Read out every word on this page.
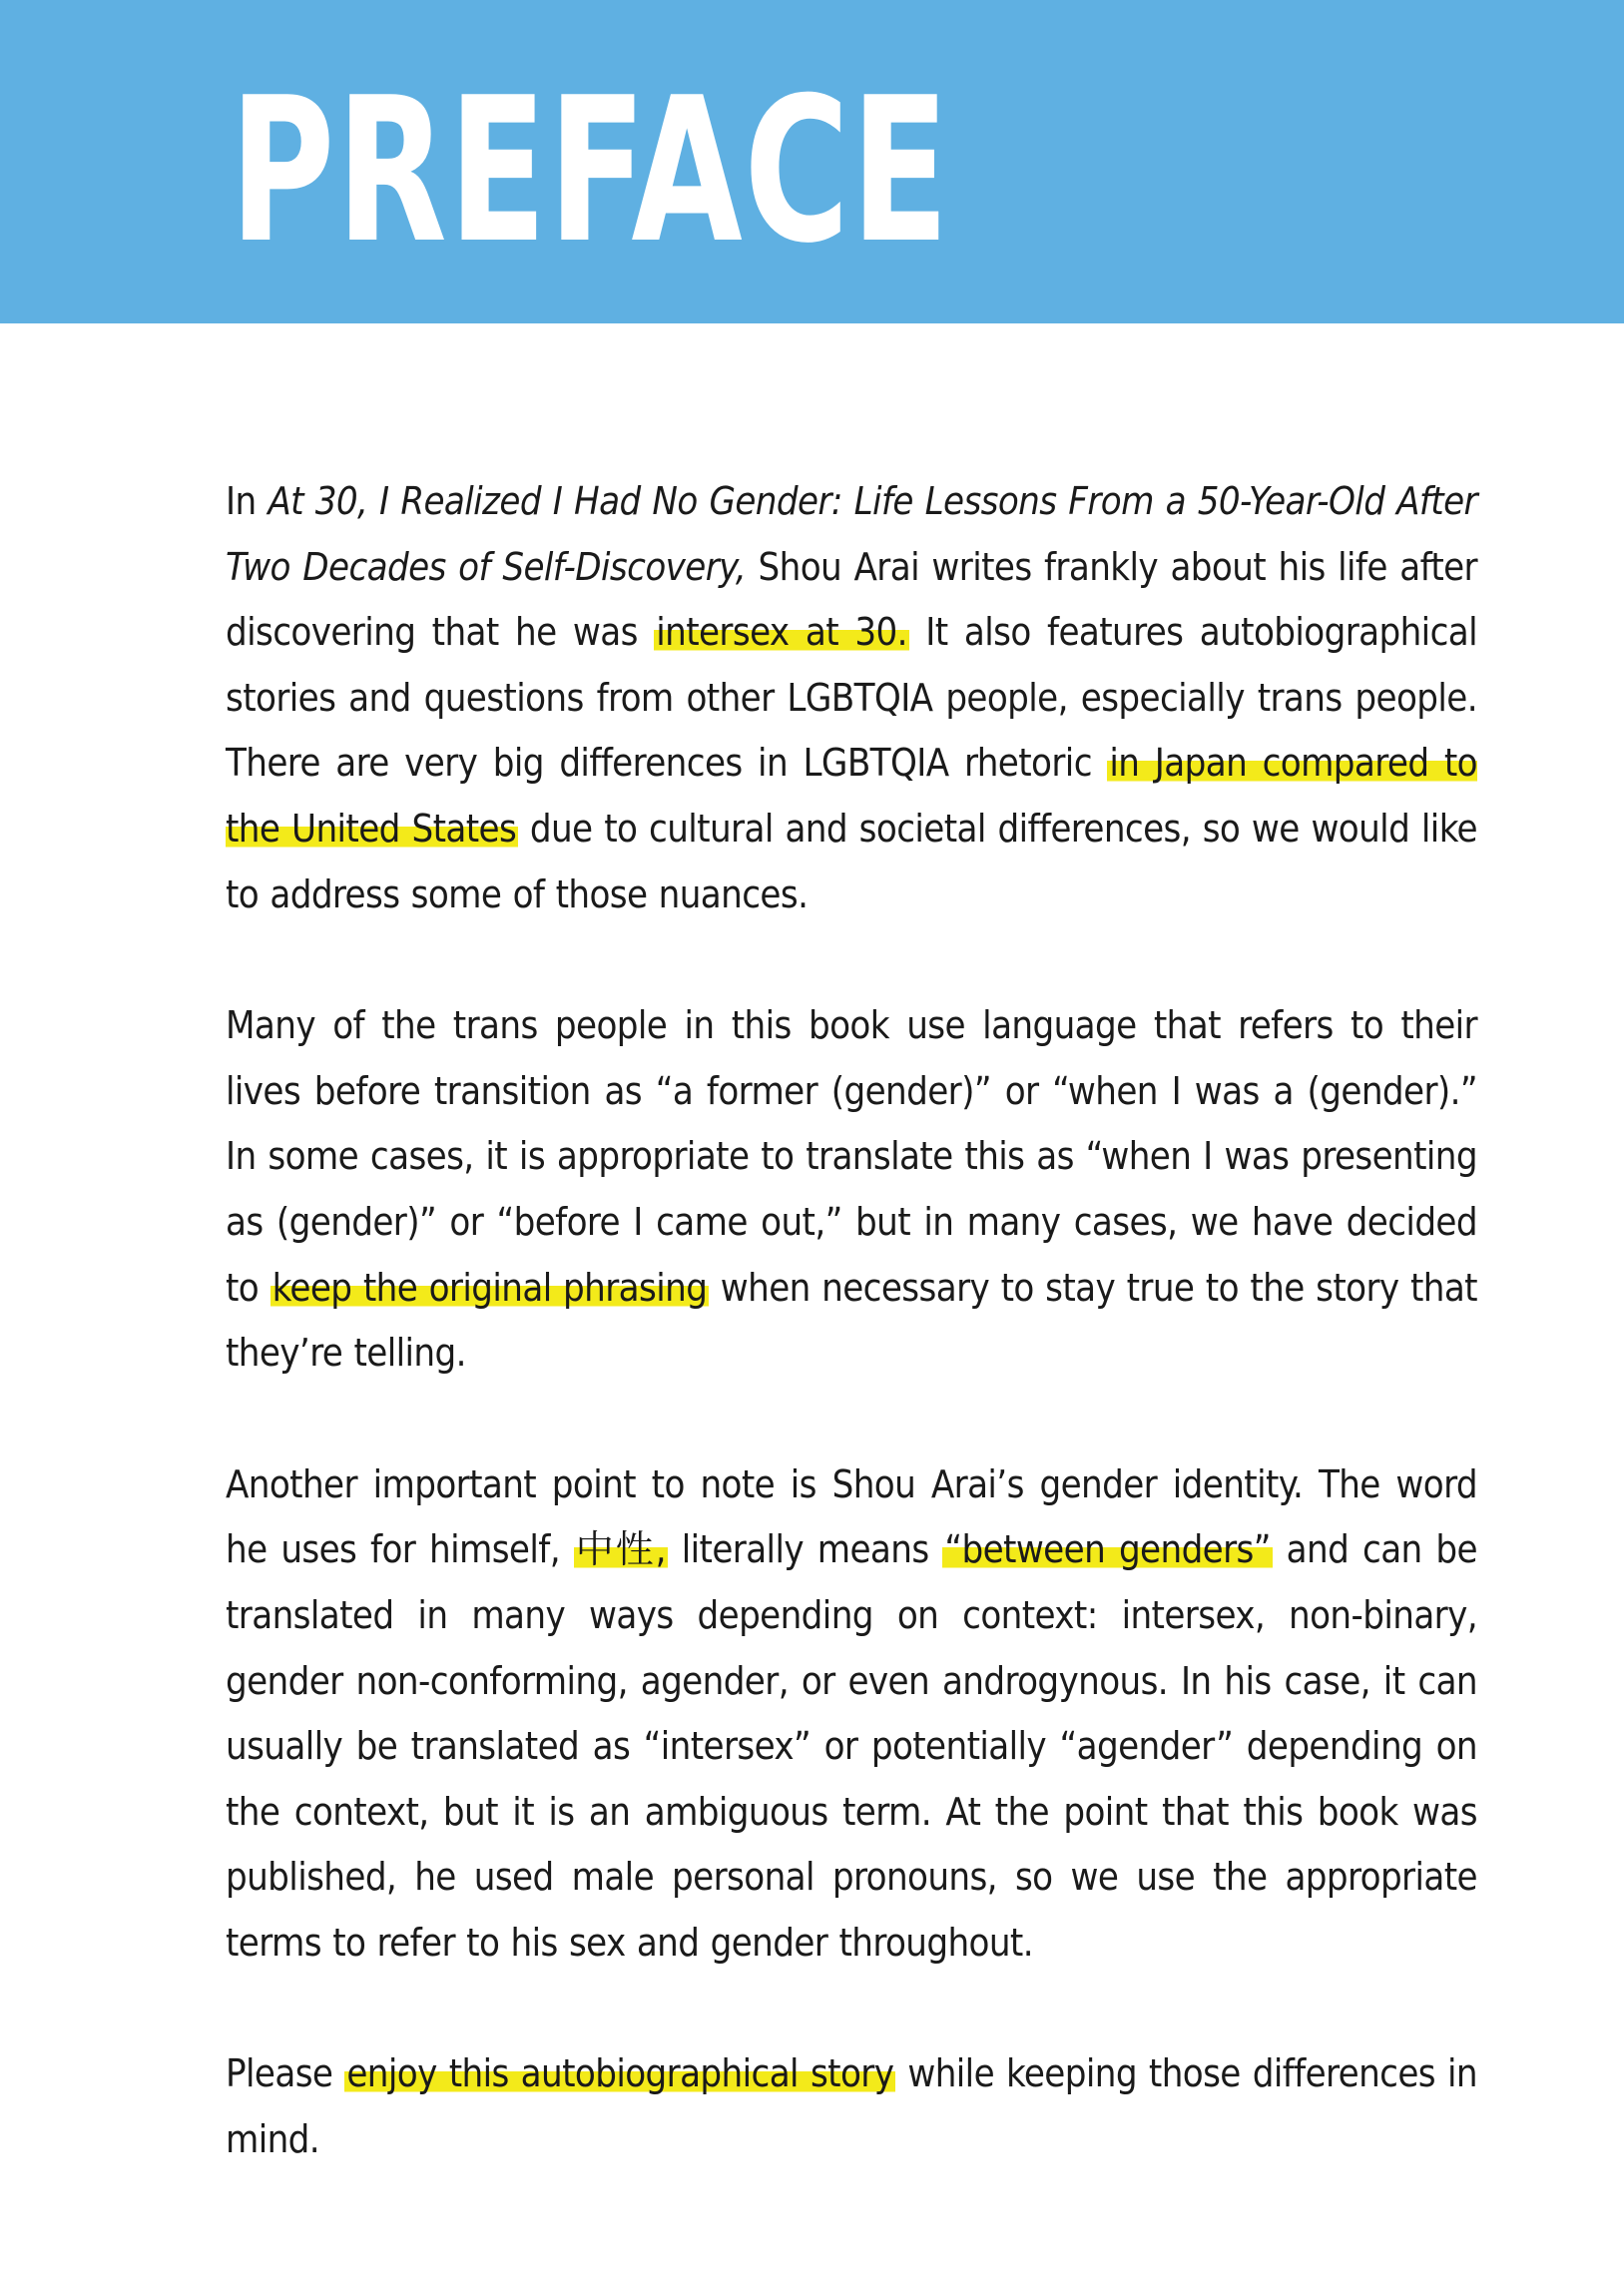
PREFACE

In At 30, I Realized I Had No Gender: Life Lessons From a 50-Year-Old After Two Decades of Self-Discovery, Shou Arai writes frankly about his life after discovering that he was intersex at 30. It also features autobiographical stories and questions from other LGBTQIA people, especially trans people. There are very big differences in LGBTQIA rhetoric in Japan compared to the United States due to cultural and societal differences, so we would like to address some of those nuances.

Many of the trans people in this book use language that refers to their lives before transition as “a former (gender)” or “when I was a (gender).” In some cases, it is appropriate to translate this as “when I was presenting as (gender)” or “before I came out,” but in many cases, we have decided to keep the original phrasing when necessary to stay true to the story that they’re telling.

Another important point to note is Shou Arai’s gender identity. The word he uses for himself, 中性, literally means “between genders” and can be translated in many ways depending on context: intersex, non-binary, gender non-conforming, agender, or even androgynous. In his case, it can usually be translated as “intersex” or potentially “agender” depending on the context, but it is an ambiguous term. At the point that this book was published, he used male personal pronouns, so we use the appropriate terms to refer to his sex and gender throughout.

Please enjoy this autobiographical story while keeping those differences in mind.
